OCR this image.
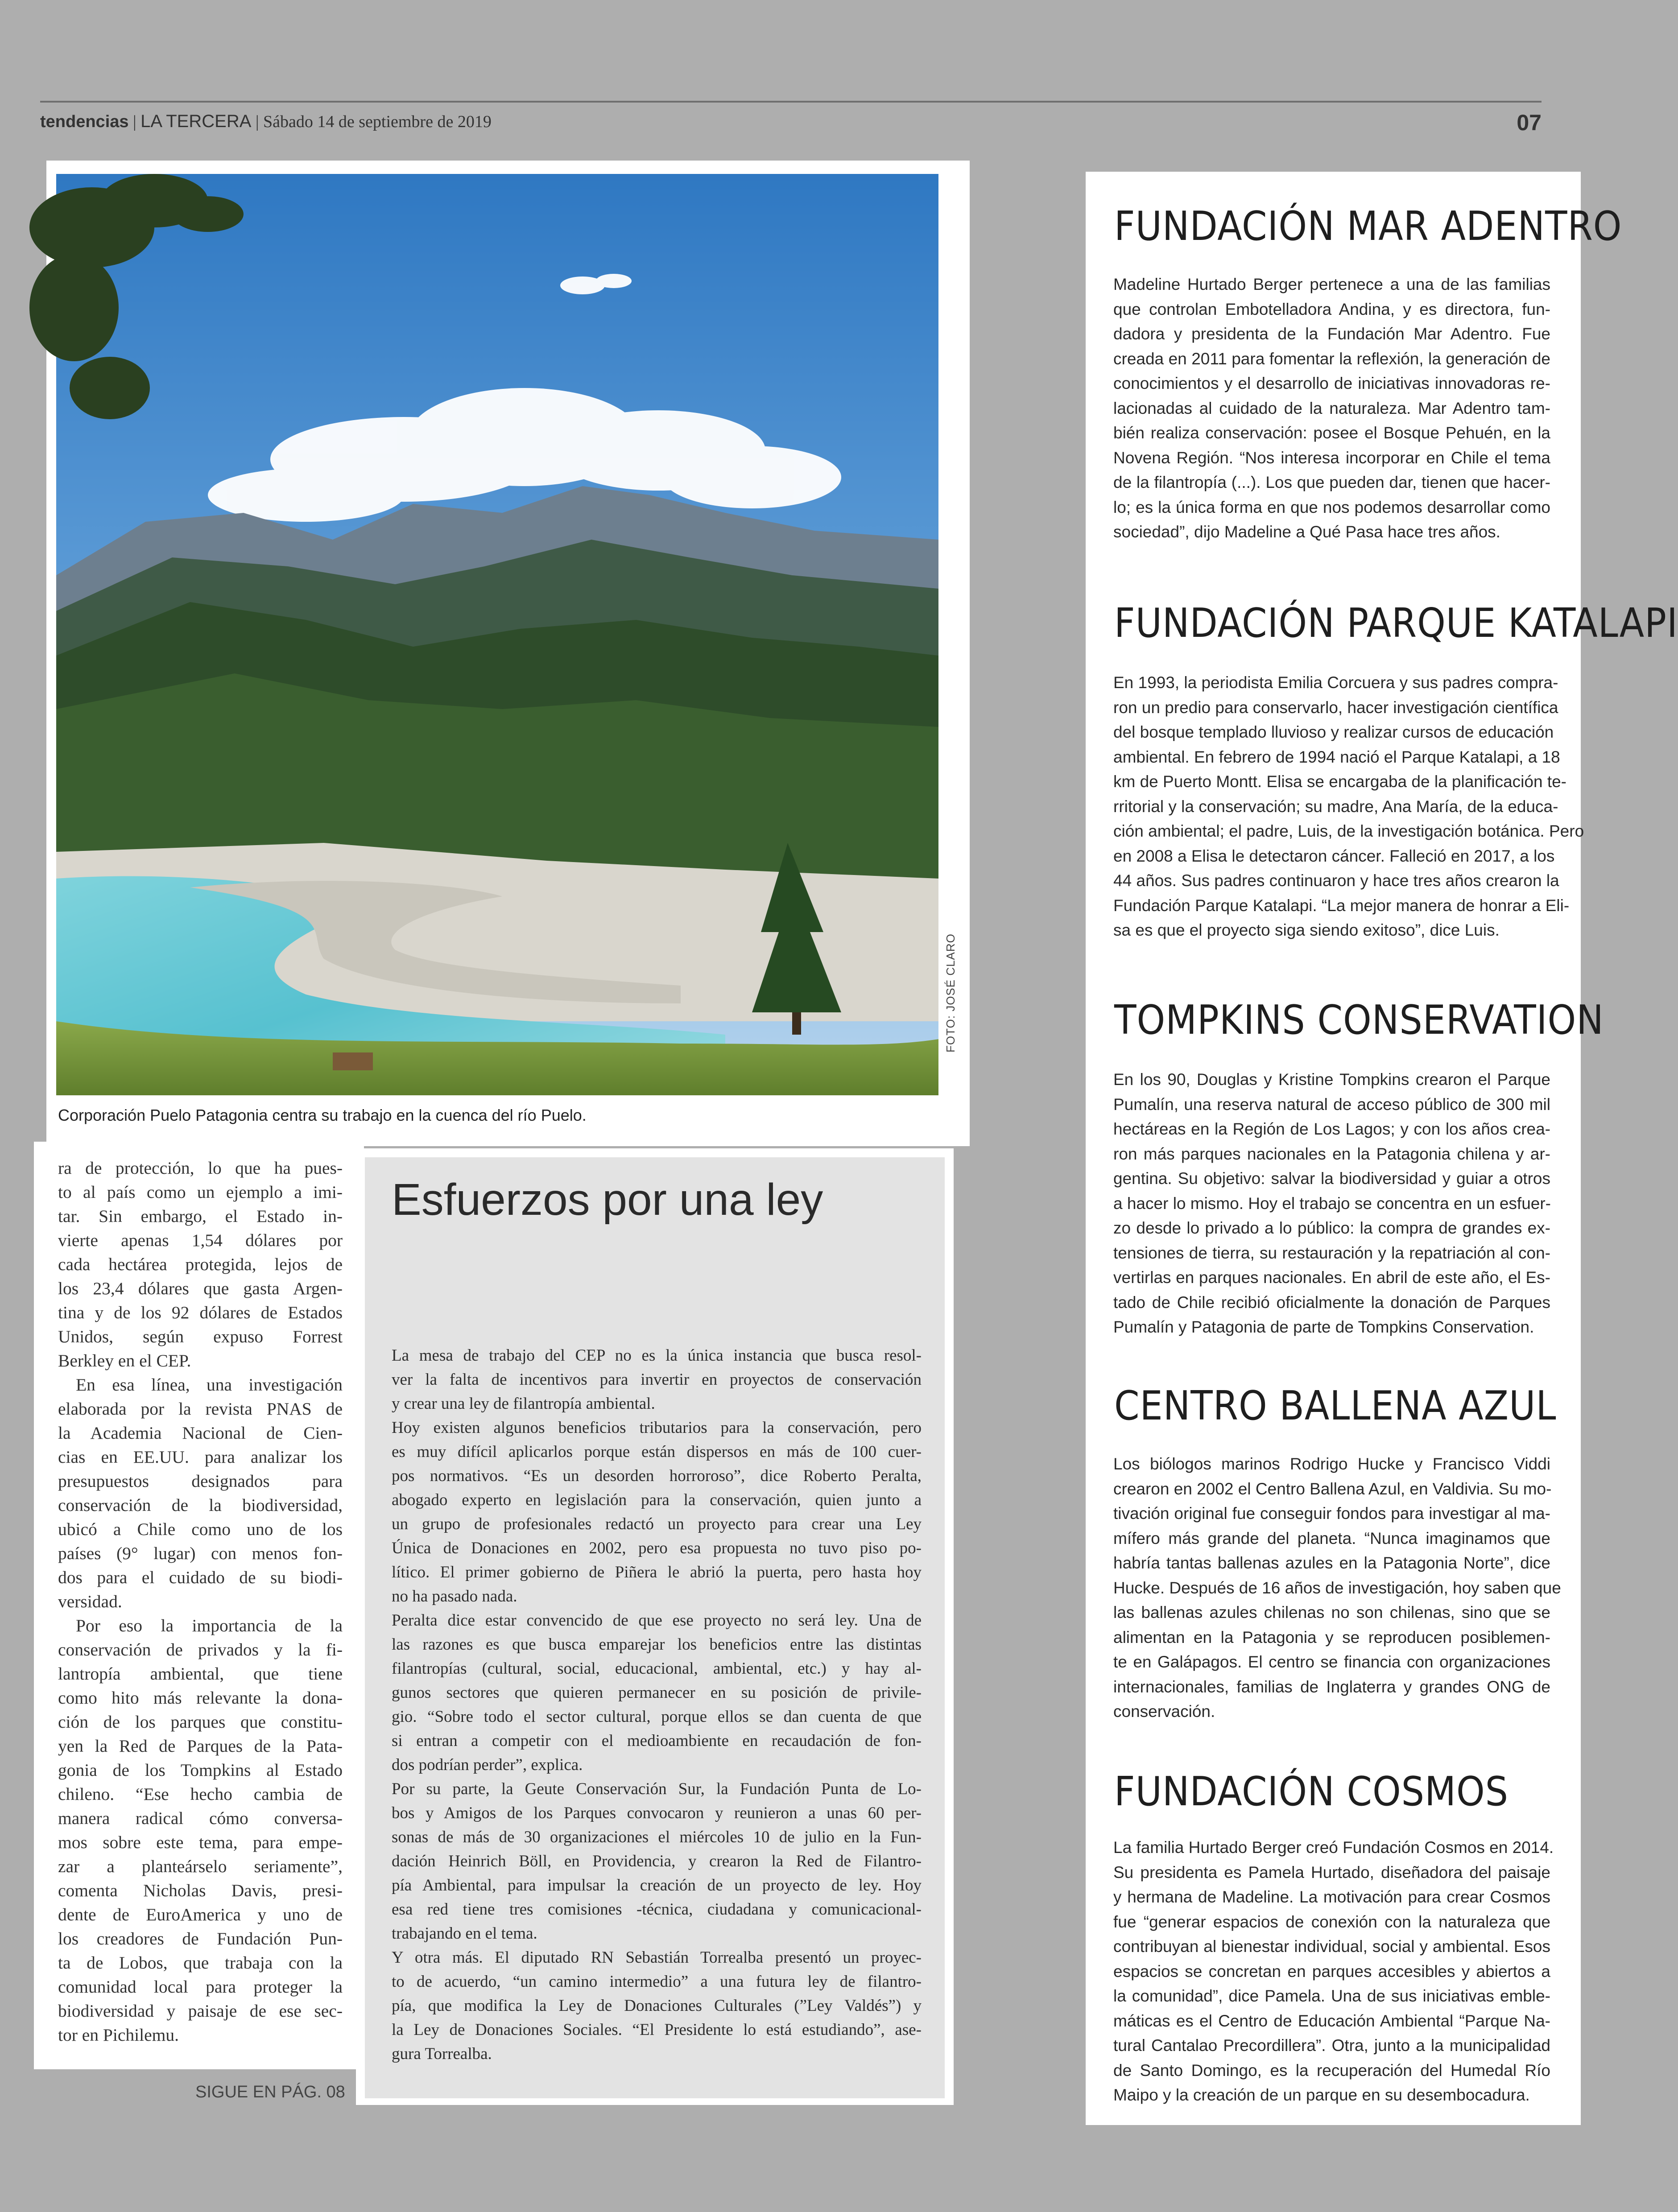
tendencias | LA TERCERA | Sábado 14 de septiembre de 2019	07
FOTO: JOSÉ CLARO
Corporación Puelo Patagonia centra su trabajo en la cuenca del río Puelo.
ra de protección, lo que ha pues-
to al país como un ejemplo a imi-
tar. Sin embargo, el Estado in-
vierte apenas 1,54 dólares por
cada hectárea protegida, lejos de
los 23,4 dólares que gasta Argen-
tina y de los 92 dólares de Estados
Unidos, según expuso Forrest
Berkley en el CEP.
En esa línea, una investigación
elaborada por la revista PNAS de
la Academia Nacional de Cien-
cias en EE.UU. para analizar los
presupuestos designados para
conservación de la biodiversidad,
ubicó a Chile como uno de los
países (9° lugar) con menos fon-
dos para el cuidado de su biodi-
versidad.
Por eso la importancia de la
conservación de privados y la fi-
lantropía ambiental, que tiene
como hito más relevante la dona-
ción de los parques que constitu-
yen la Red de Parques de la Pata-
gonia de los Tompkins al Estado
chileno. “Ese hecho cambia de
manera radical cómo conversa-
mos sobre este tema, para empe-
zar a planteárselo seriamente”,
comenta Nicholas Davis, presi-
dente de EuroAmerica y uno de
los creadores de Fundación Pun-
ta de Lobos, que trabaja con la
comunidad local para proteger la
biodiversidad y paisaje de ese sec-
tor en Pichilemu.
SIGUE EN PÁG. 08
Esfuerzos por una ley
La mesa de trabajo del CEP no es la única instancia que busca resol-
ver la falta de incentivos para invertir en proyectos de conservación
y crear una ley de filantropía ambiental.
Hoy existen algunos beneficios tributarios para la conservación, pero
es muy difícil aplicarlos porque están dispersos en más de 100 cuer-
pos normativos. “Es un desorden horroroso”, dice Roberto Peralta,
abogado experto en legislación para la conservación, quien junto a
un grupo de profesionales redactó un proyecto para crear una Ley
Única de Donaciones en 2002, pero esa propuesta no tuvo piso po-
lítico. El primer gobierno de Piñera le abrió la puerta, pero hasta hoy
no ha pasado nada.
Peralta dice estar convencido de que ese proyecto no será ley. Una de
las razones es que busca emparejar los beneficios entre las distintas
filantropías (cultural, social, educacional, ambiental, etc.) y hay al-
gunos sectores que quieren permanecer en su posición de privile-
gio. “Sobre todo el sector cultural, porque ellos se dan cuenta de que
si entran a competir con el medioambiente en recaudación de fon-
dos podrían perder”, explica.
Por su parte, la Geute Conservación Sur, la Fundación Punta de Lo-
bos y Amigos de los Parques convocaron y reunieron a unas 60 per-
sonas de más de 30 organizaciones el miércoles 10 de julio en la Fun-
dación Heinrich Böll, en Providencia, y crearon la Red de Filantro-
pía Ambiental, para impulsar la creación de un proyecto de ley. Hoy
esa red tiene tres comisiones -técnica, ciudadana y comunicacional-
trabajando en el tema.
Y otra más. El diputado RN Sebastián Torrealba presentó un proyec-
to de acuerdo, “un camino intermedio” a una futura ley de filantro-
pía, que modifica la Ley de Donaciones Culturales (”Ley Valdés”) y
la Ley de Donaciones Sociales. “El Presidente lo está estudiando”, ase-
gura Torrealba.
FUNDACIÓN MAR ADENTRO
Madeline Hurtado Berger pertenece a una de las familias
que controlan Embotelladora Andina, y es directora, fun-
dadora y presidenta de la Fundación Mar Adentro. Fue
creada en 2011 para fomentar la reflexión, la generación de
conocimientos y el desarrollo de iniciativas innovadoras re-
lacionadas al cuidado de la naturaleza. Mar Adentro tam-
bién realiza conservación: posee el Bosque Pehuén, en la
Novena Región. “Nos interesa incorporar en Chile el tema
de la filantropía (...). Los que pueden dar, tienen que hacer-
lo; es la única forma en que nos podemos desarrollar como
sociedad”, dijo Madeline a Qué Pasa hace tres años.
FUNDACIÓN PARQUE KATALAPI
En 1993, la periodista Emilia Corcuera y sus padres compra-
ron un predio para conservarlo, hacer investigación científica
del bosque templado lluvioso y realizar cursos de educación
ambiental. En febrero de 1994 nació el Parque Katalapi, a 18
km de Puerto Montt. Elisa se encargaba de la planificación te-
rritorial y la conservación; su madre, Ana María, de la educa-
ción ambiental; el padre, Luis, de la investigación botánica. Pero
en 2008 a Elisa le detectaron cáncer. Falleció en 2017, a los
44 años. Sus padres continuaron y hace tres años crearon la
Fundación Parque Katalapi. “La mejor manera de honrar a Eli-
sa es que el proyecto siga siendo exitoso”, dice Luis.
TOMPKINS CONSERVATION
En los 90, Douglas y Kristine Tompkins crearon el Parque
Pumalín, una reserva natural de acceso público de 300 mil
hectáreas en la Región de Los Lagos; y con los años crea-
ron más parques nacionales en la Patagonia chilena y ar-
gentina. Su objetivo: salvar la biodiversidad y guiar a otros
a hacer lo mismo. Hoy el trabajo se concentra en un esfuer-
zo desde lo privado a lo público: la compra de grandes ex-
tensiones de tierra, su restauración y la repatriación al con-
vertirlas en parques nacionales. En abril de este año, el Es-
tado de Chile recibió oficialmente la donación de Parques
Pumalín y Patagonia de parte de Tompkins Conservation.
CENTRO BALLENA AZUL
Los biólogos marinos Rodrigo Hucke y Francisco Viddi
crearon en 2002 el Centro Ballena Azul, en Valdivia. Su mo-
tivación original fue conseguir fondos para investigar al ma-
mífero más grande del planeta. “Nunca imaginamos que
habría tantas ballenas azules en la Patagonia Norte”, dice
Hucke. Después de 16 años de investigación, hoy saben que
las ballenas azules chilenas no son chilenas, sino que se
alimentan en la Patagonia y se reproducen posiblemen-
te en Galápagos. El centro se financia con organizaciones
internacionales, familias de Inglaterra y grandes ONG de
conservación.
FUNDACIÓN COSMOS
La familia Hurtado Berger creó Fundación Cosmos en 2014.
Su presidenta es Pamela Hurtado, diseñadora del paisaje
y hermana de Madeline. La motivación para crear Cosmos
fue “generar espacios de conexión con la naturaleza que
contribuyan al bienestar individual, social y ambiental. Esos
espacios se concretan en parques accesibles y abiertos a
la comunidad”, dice Pamela. Una de sus iniciativas emble-
máticas es el Centro de Educación Ambiental “Parque Na-
tural Cantalao Precordillera”. Otra, junto a la municipalidad
de Santo Domingo, es la recuperación del Humedal Río
Maipo y la creación de un parque en su desembocadura.
